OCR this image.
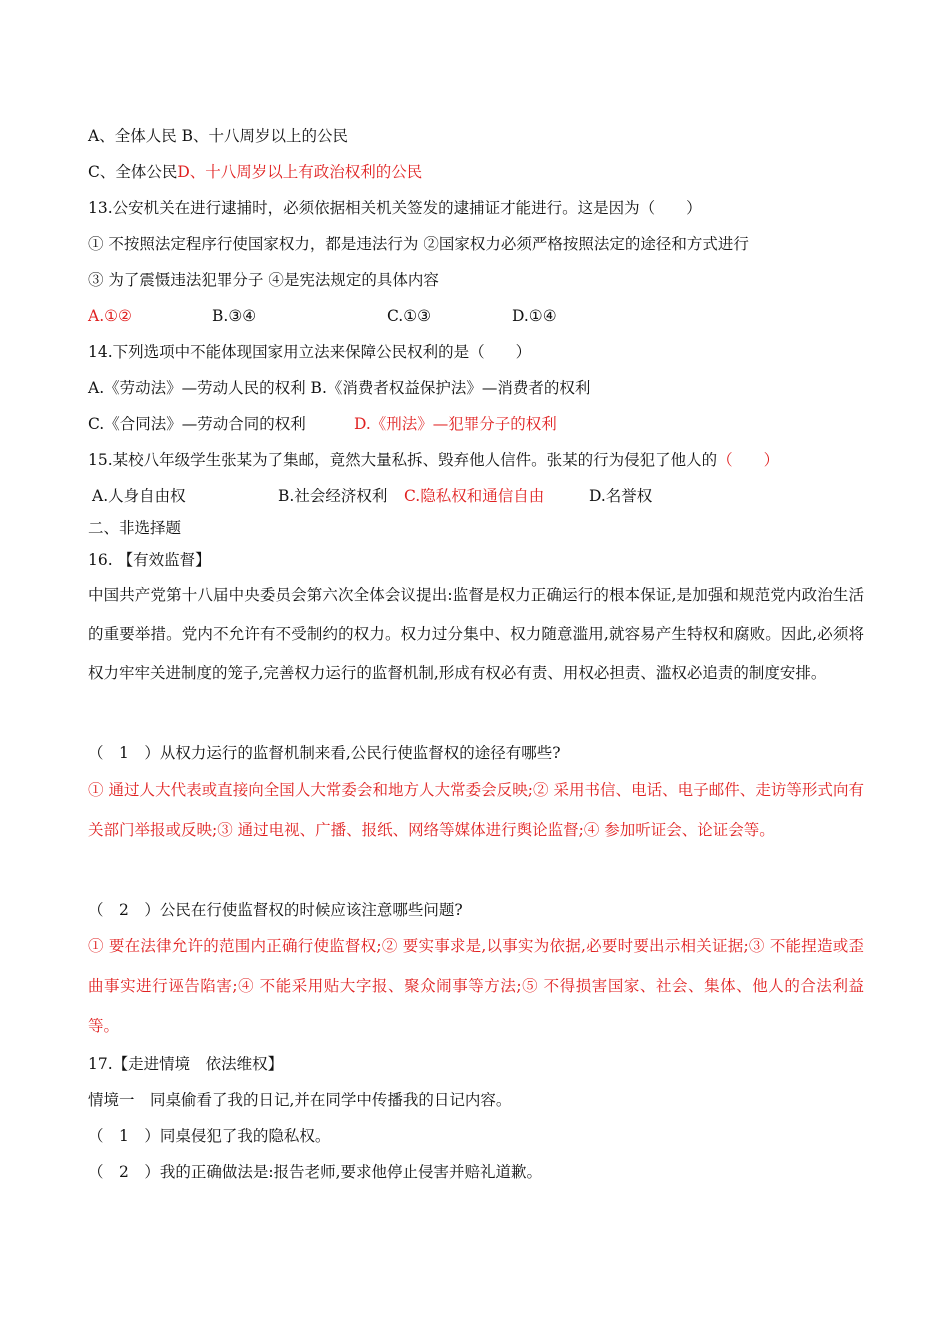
A、全体人民 B、十八周岁以上的公民
C、全体公民D、十八周岁以上有政治权利的公民
13.公安机关在进行逮捕时，必须依据相关机关签发的逮捕证才能进行。这是因为（　　）
① 不按照法定程序行使国家权力，都是违法行为 ②国家权力必须严格按照法定的途径和方式进行
③ 为了震慑违法犯罪分子 ④是宪法规定的具体内容
A.①②	B.③④	C.①③	D.①④
14.下列选项中不能体现国家用立法来保障公民权利的是（　　）
A.《劳动法》—劳动人民的权利 B.《消费者权益保护法》—消费者的权利
C.《合同法》—劳动合同的权利	D.《刑法》—犯罪分子的权利
15.某校八年级学生张某为了集邮，竟然大量私拆、毁弃他人信件。张某的行为侵犯了他人的（　　）
A.人身自由权	B.社会经济权利 C.隐私权和通信自由	D.名誉权
二、非选择题
16. 【有效监督】
中国共产党第十八届中央委员会第六次全体会议提出:监督是权力正确运行的根本保证,是加强和规范党内政治生活的重要举措。党内不允许有不受制约的权力。权力过分集中、权力随意滥用,就容易产生特权和腐败。因此,必须将权力牢牢关进制度的笼子,完善权力运行的监督机制,形成有权必有责、用权必担责、滥权必追责的制度安排。
（　1　）从权力运行的监督机制来看,公民行使监督权的途径有哪些?
① 通过人大代表或直接向全国人大常委会和地方人大常委会反映;② 采用书信、电话、电子邮件、走访等形式向有关部门举报或反映;③ 通过电视、广播、报纸、网络等媒体进行舆论监督;④ 参加听证会、论证会等。
（　2　）公民在行使监督权的时候应该注意哪些问题?
① 要在法律允许的范围内正确行使监督权;② 要实事求是,以事实为依据,必要时要出示相关证据;③ 不能捏造或歪曲事实进行诬告陷害;④ 不能采用贴大字报、聚众闹事等方法;⑤ 不得损害国家、社会、集体、他人的合法利益等。
17.【走进情境　依法维权】
情境一　同桌偷看了我的日记,并在同学中传播我的日记内容。
（　1　）同桌侵犯了我的隐私权。
（　2　）我的正确做法是:报告老师,要求他停止侵害并赔礼道歉。
